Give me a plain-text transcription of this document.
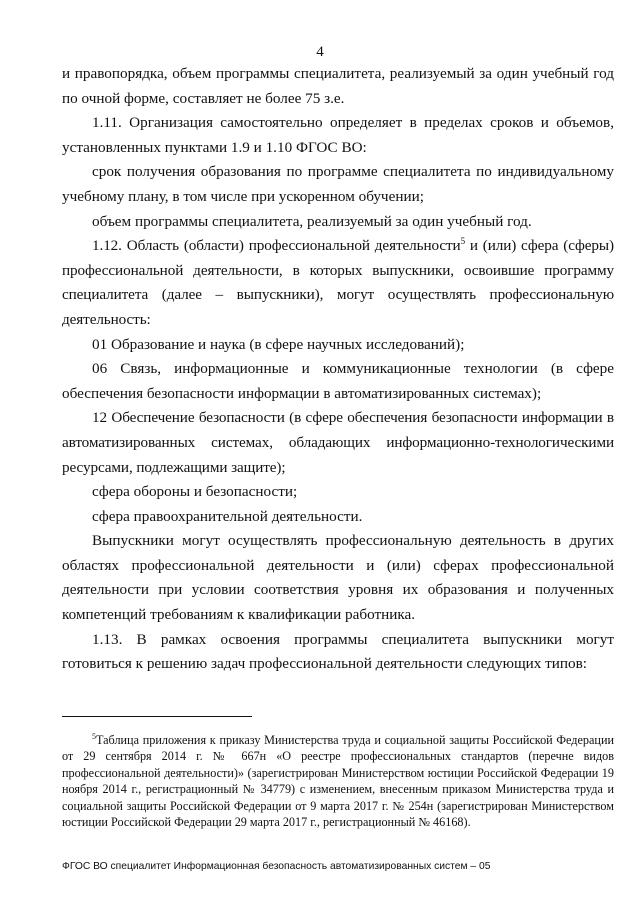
4

и правопорядка, объем программы специалитета, реализуемый за один учебный год по очной форме, составляет не более 75 з.е.

1.11. Организация самостоятельно определяет в пределах сроков и объемов, установленных пунктами 1.9 и 1.10 ФГОС ВО:

срок получения образования по программе специалитета по индивидуальному учебному плану, в том числе при ускоренном обучении;

объем программы специалитета, реализуемый за один учебный год.

1.12. Область (области) профессиональной деятельности$^5$ и (или) сфера (сферы) профессиональной деятельности, в которых выпускники, освоившие программу специалитета (далее – выпускники), могут осуществлять профессиональную деятельность:

01 Образование и наука (в сфере научных исследований);

06 Связь, информационные и коммуникационные технологии (в сфере обеспечения безопасности информации в автоматизированных системах);

12 Обеспечение безопасности (в сфере обеспечения безопасности информации в автоматизированных системах, обладающих информационно-технологическими ресурсами, подлежащими защите);

сфера обороны и безопасности;

сфера правоохранительной деятельности.

Выпускники могут осуществлять профессиональную деятельность в других областях профессиональной деятельности и (или) сферах профессиональной деятельности при условии соответствия уровня их образования и полученных компетенций требованиям к квалификации работника.

1.13. В рамках освоения программы специалитета выпускники могут готовиться к решению задач профессиональной деятельности следующих типов:

$^5$Таблица приложения к приказу Министерства труда и социальной защиты Российской Федерации от 29 сентября 2014 г. № 667н «О реестре профессиональных стандартов (перечне видов профессиональной деятельности)» (зарегистрирован Министерством юстиции Российской Федерации 19 ноября 2014 г., регистрационный № 34779) с изменением, внесенным приказом Министерства труда и социальной защиты Российской Федерации от 9 марта 2017 г. № 254н (зарегистрирован Министерством юстиции Российской Федерации 29 марта 2017 г., регистрационный № 46168).

ФГОС ВО специалитет Информационная безопасность автоматизированных систем – 05
